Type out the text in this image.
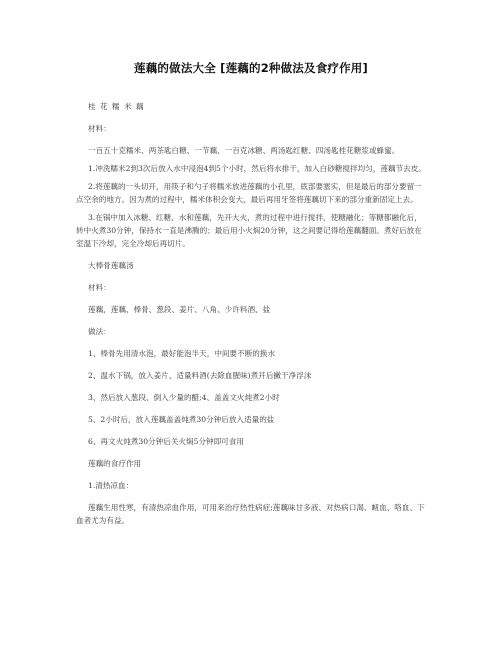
莲藕的做法大全 [莲藕的2种做法及食疗作用]

桂 花 糯 米 藕

材料：

一百五十克糯米、两茶匙白糖、一节藕、一百克冰糖、两汤匙红糖、四汤匙桂花糖浆或蜂蜜。

1.冲洗糯米2到3次后放入水中浸泡4到5个小时，然后将水排干，加入白砂糖搅拌均匀，莲藕节去皮。

2.将莲藕的一头切开，用筷子和勺子将糯米放进莲藕的小孔里，底部要塞实，但是最后的部分要留一点空余的地方。因为煮的过程中，糯米体积会变大，最后再用牙签将莲藕切下来的部分重新固定上去。

3.在锅中加入冰糖、红糖、水和莲藕，先开大火，煮的过程中进行搅拌，使糖融化；等糖都融化后，转中火煮30分钟，保持水一直是沸腾的；最后用小火焖20分钟，这之间要记得给莲藕翻面。煮好后放在室温下冷却，完全冷却后再切片。

大棒骨莲藕汤

材料：

莲藕，莲藕、棒骨、葱段、姜片、八角、少许料酒、盐

做法：

1、棒骨先用清水泡，最好能泡半天，中间要不断的换水

2、温水下锅，放入姜片、适量料酒(去除血腥味)煮开后撇干净浮沫

3、然后放入葱段、倒入少量的醋;4、盖盖文火炖煮2小时

5、2小时后，放入莲藕盖盖炖煮30分钟后放入适量的盐

6、再文火炖煮30分钟后关火焖5分钟即可食用

莲藕的食疗作用

1.清热凉血：

莲藕生用性寒，有清热凉血作用，可用来治疗热性病症;莲藕味甘多液、对热病口渴、衄血、咯血、下血者尤为有益。
